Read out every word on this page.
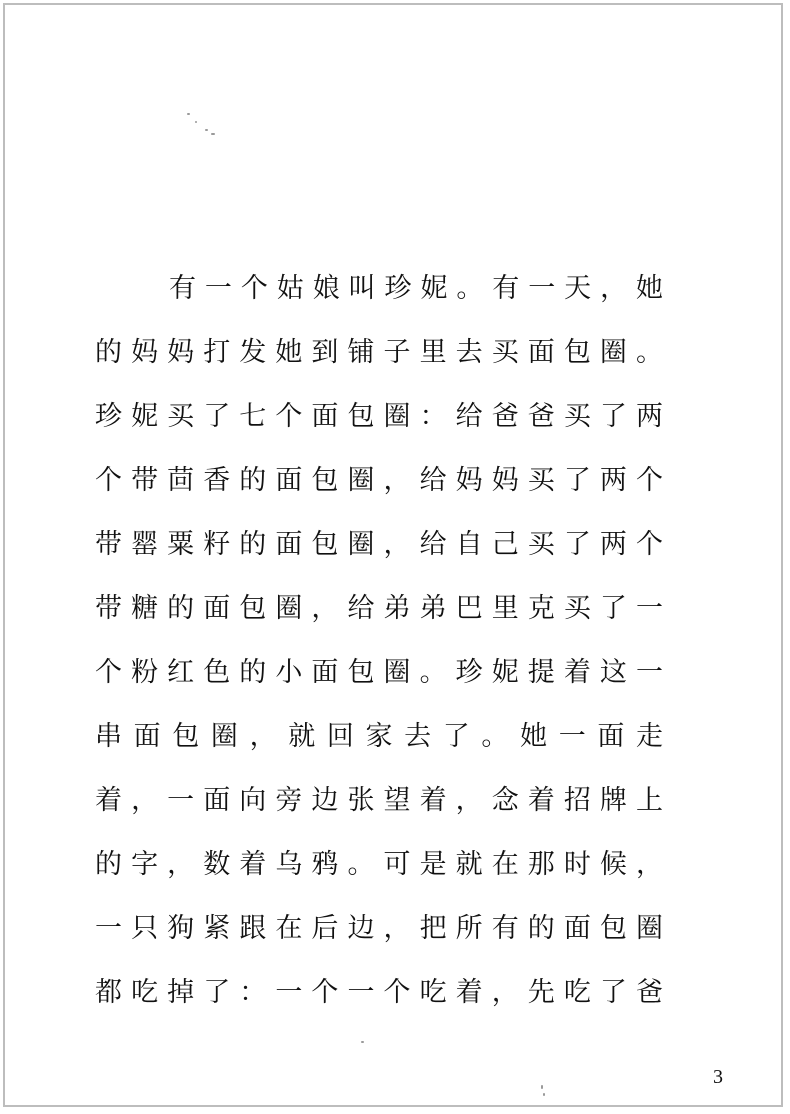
有一个姑娘叫珍妮。有一天，她
的妈妈打发她到铺子里去买面包圈。
珍妮买了七个面包圈：给爸爸买了两
个带茴香的面包圈，给妈妈买了两个
带罂粟籽的面包圈，给自己买了两个
带糖的面包圈，给弟弟巴里克买了一
个粉红色的小面包圈。珍妮提着这一
串面包圈，就回家去了。她一面走
着，一面向旁边张望着，念着招牌上
的字，数着乌鸦。可是就在那时候，
一只狗紧跟在后边，把所有的面包圈
都吃掉了：一个一个吃着，先吃了爸
3
